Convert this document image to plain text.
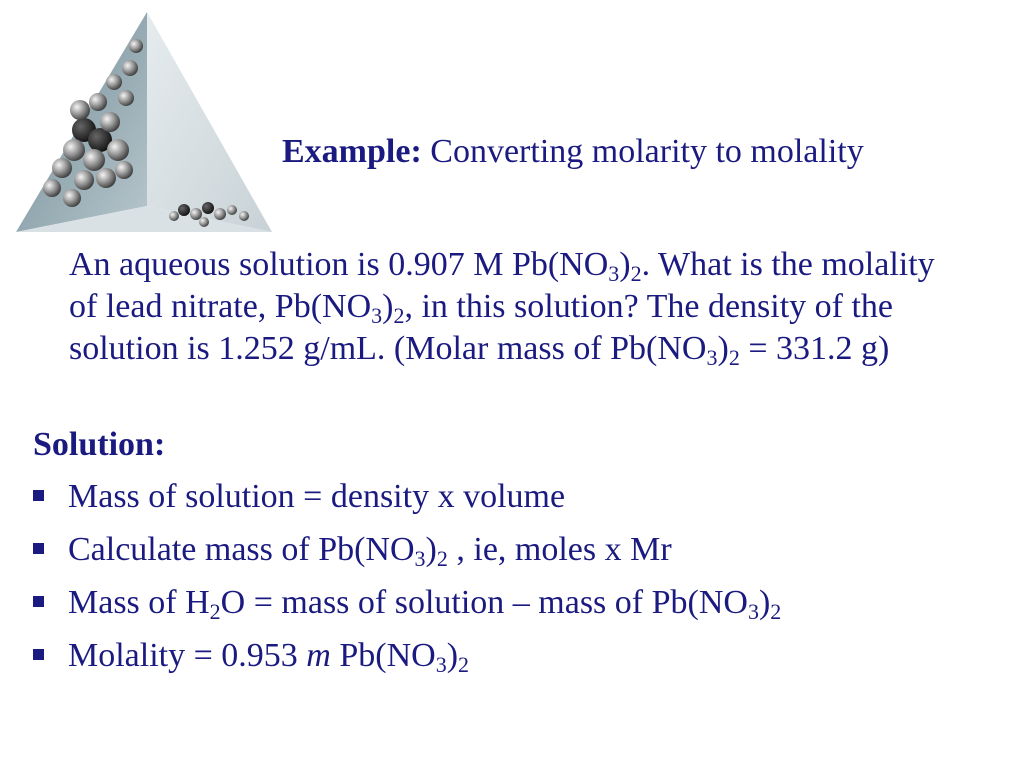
Example: Converting molarity to molality
An aqueous solution is 0.907 M $Pb(NO_3)_2$. What is the molality of lead nitrate, $Pb(NO_3)_2$, in this solution? The density of the solution is 1.252 g/mL. (Molar mass of $Pb(NO_3)_2 = 331.2$ g)
Solution:
Mass of solution = density x volume
Calculate mass of $Pb(NO_3)_2$ , ie, moles x Mr
Mass of $H_2O$ = mass of solution – mass of $Pb(NO_3)_2$
Molality = 0.953 m $Pb(NO_3)_2$
